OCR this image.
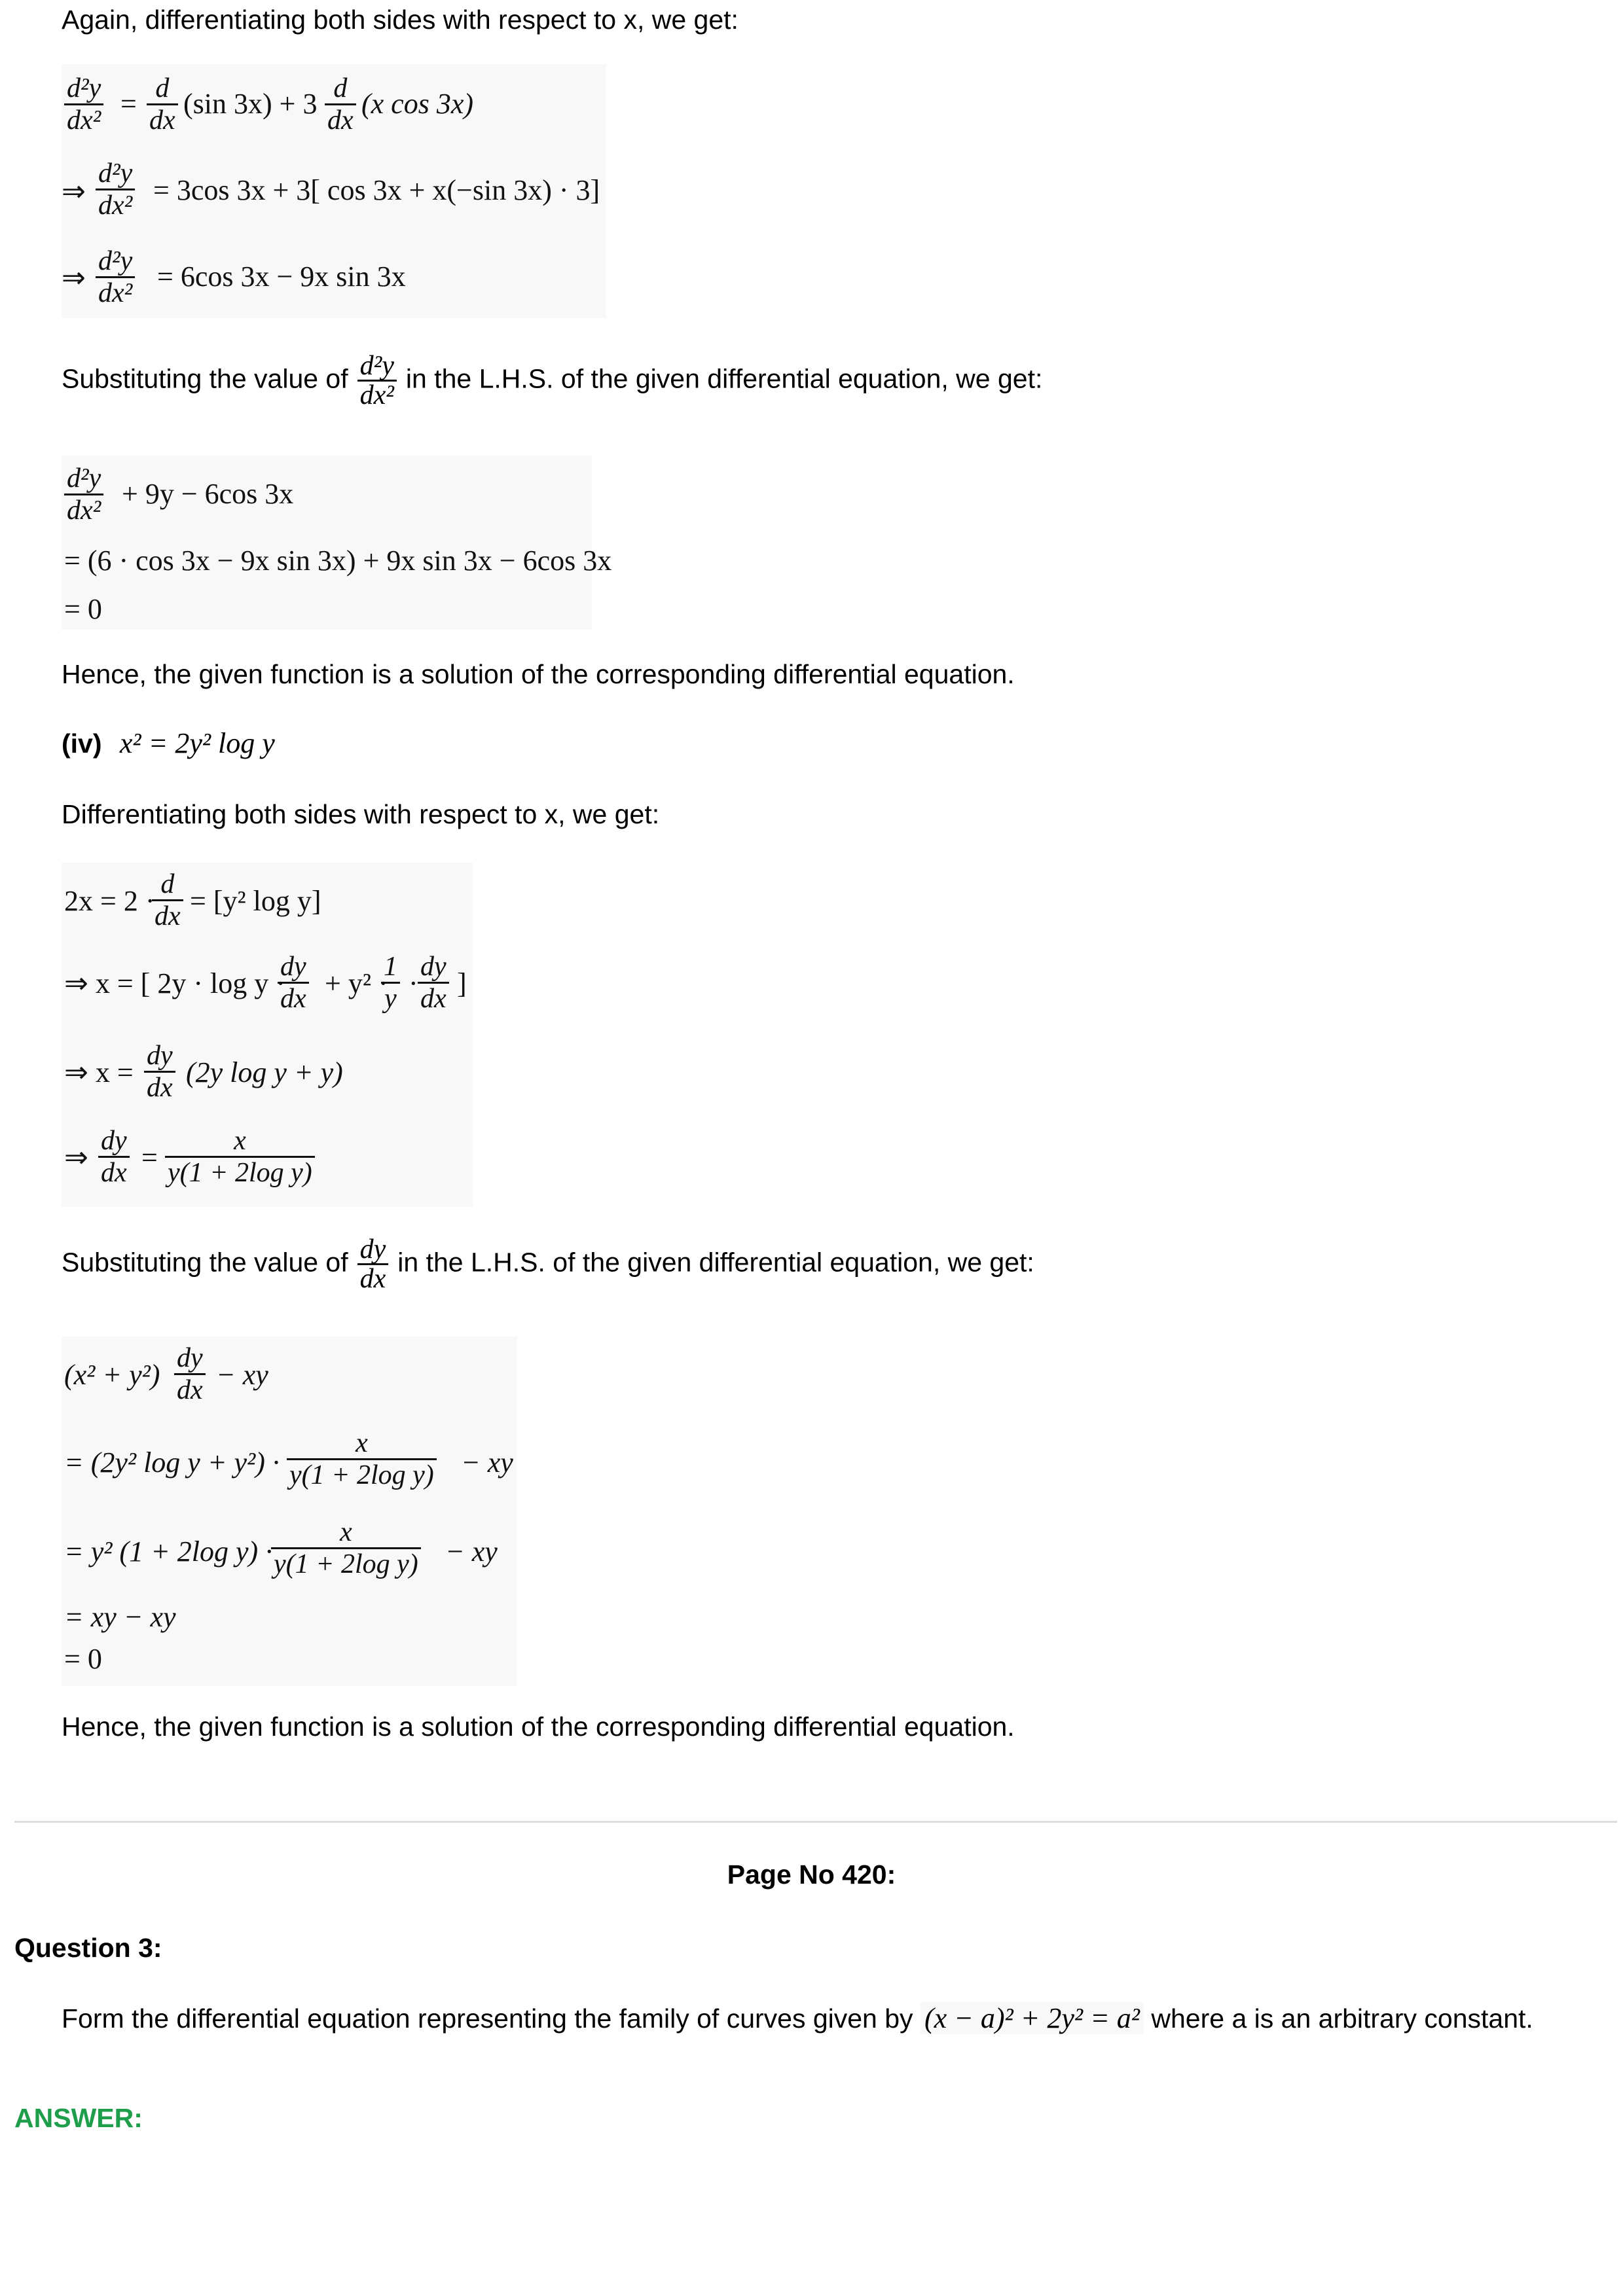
Again, differentiating both sides with respect to x, we get:
$\frac{\text{d²y}}{\text{dx²}} = \frac{d}{dx} (\sin$ $3x) + 3 \frac{d}{dx} (x$ cos 3x)
⇒ $\frac{\text{d²y}}{\text{dx²}} = 3\cos$ 3x + 3[ cos 3x + x(−sin 3x) · 3]
⇒ $\frac{\text{d²y}}{\text{dx²}} = 6\cos$ 3x − 9x sin 3x
Substituting the value of $\frac{\text{d²y}}{\text{dx²}}$ in the L.H.S. of the given differential equation, we get:
$\frac{\text{d²y}}{\text{dx²}} + 9y - 6\cos$ 3x
= (6 · cos 3x − 9x sin 3x) + 9x sin 3x − 6cos 3x
= 0
Hence, the given function is a solution of the corresponding differential equation.
(iv) x² = 2y² log y
Differentiating both sides with respect to x, we get:
2x = 2 ·
$\frac{d}{dx} = [y^2$ log y]
⇒ x = [ 2y · log y ·
$\frac{dy}{dx} + y^2$ ·
$\frac{1}{y} \cdot \frac{dy}{dx}$ ]
⇒ $x = \frac{dy}{dx} (2y$ log y + y)
⇒ $\frac{dy}{dx} = \frac{x}{\text{y(1 + 2log y)}}$
Substituting the value of $\frac{dy}{dx}$ in the L.H.S. of the given differential equation, we get:
$(x^2 + y^2) \frac{dy}{dx}$ − xy
= (2y² $\log y + y^2) \cdot \frac{x}{\text{y(1 + 2log y)}}$ − xy
= y² (1 + 2log y) ·
$\frac{x}{\text{y(1 + 2log y)}}$ − xy
= xy − xy
= 0
Hence, the given function is a solution of the corresponding differential equation.
Page No 420:
Question 3:
Form the differential equation representing the family of curves given by (x − a)² + 2y² = a² where a is an arbitrary constant.
ANSWER:
